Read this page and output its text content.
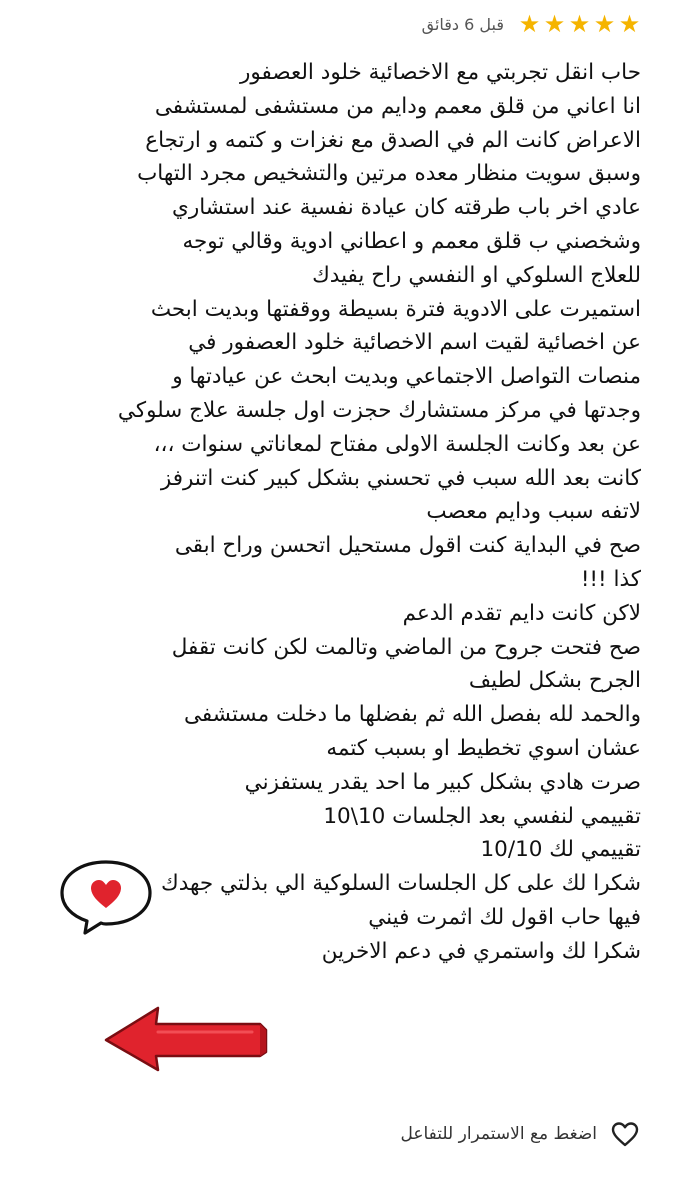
★
★
★
★
★
قبل 6 دقائق
حاب انقل تجربتي مع الاخصائية خلود العصفور
انا اعاني من قلق معمم ودايم من مستشفى لمستشفى
الاعراض كانت الم في الصدق مع نغزات و كتمه و ارتجاع
وسبق سويت منظار معده مرتين والتشخيص مجرد التهاب
عادي اخر باب طرقته كان عيادة نفسية عند استشاري
وشخصني ب قلق معمم و اعطاني ادوية وقالي توجه
للعلاج السلوكي او النفسي راح يفيدك
استميرت على الادوية فترة بسيطة ووقفتها وبديت ابحث
عن اخصائية لقيت اسم الاخصائية خلود العصفور في
منصات التواصل الاجتماعي وبديت ابحث عن عيادتها و
وجدتها في مركز مستشارك حجزت اول جلسة علاج سلوكي
عن بعد وكانت الجلسة الاولى مفتاح لمعاناتي سنوات ،،،
كانت بعد الله سبب في تحسني بشكل كبير كنت اتنرفز
لاتفه سبب ودايم معصب
صح في البداية كنت اقول مستحيل اتحسن وراح ابقى
كذا !!!
لاكن كانت دايم تقدم الدعم
صح فتحت جروح من الماضي وتالمت لكن كانت تقفل
الجرح بشكل لطيف
والحمد لله بفصل الله ثم بفضلها ما دخلت مستشفى
عشان اسوي تخطيط او بسبب كتمه
صرت هادي بشكل كبير ما احد يقدر يستفزني
تقييمي لنفسي بعد الجلسات 10\10
تقييمي لك 10/10
شكرا لك على كل الجلسات السلوكية الي بذلتي جهدك
فيها حاب اقول لك اثمرت فيني
شكرا لك واستمري في دعم الاخرين
اضغط مع الاستمرار للتفاعل
